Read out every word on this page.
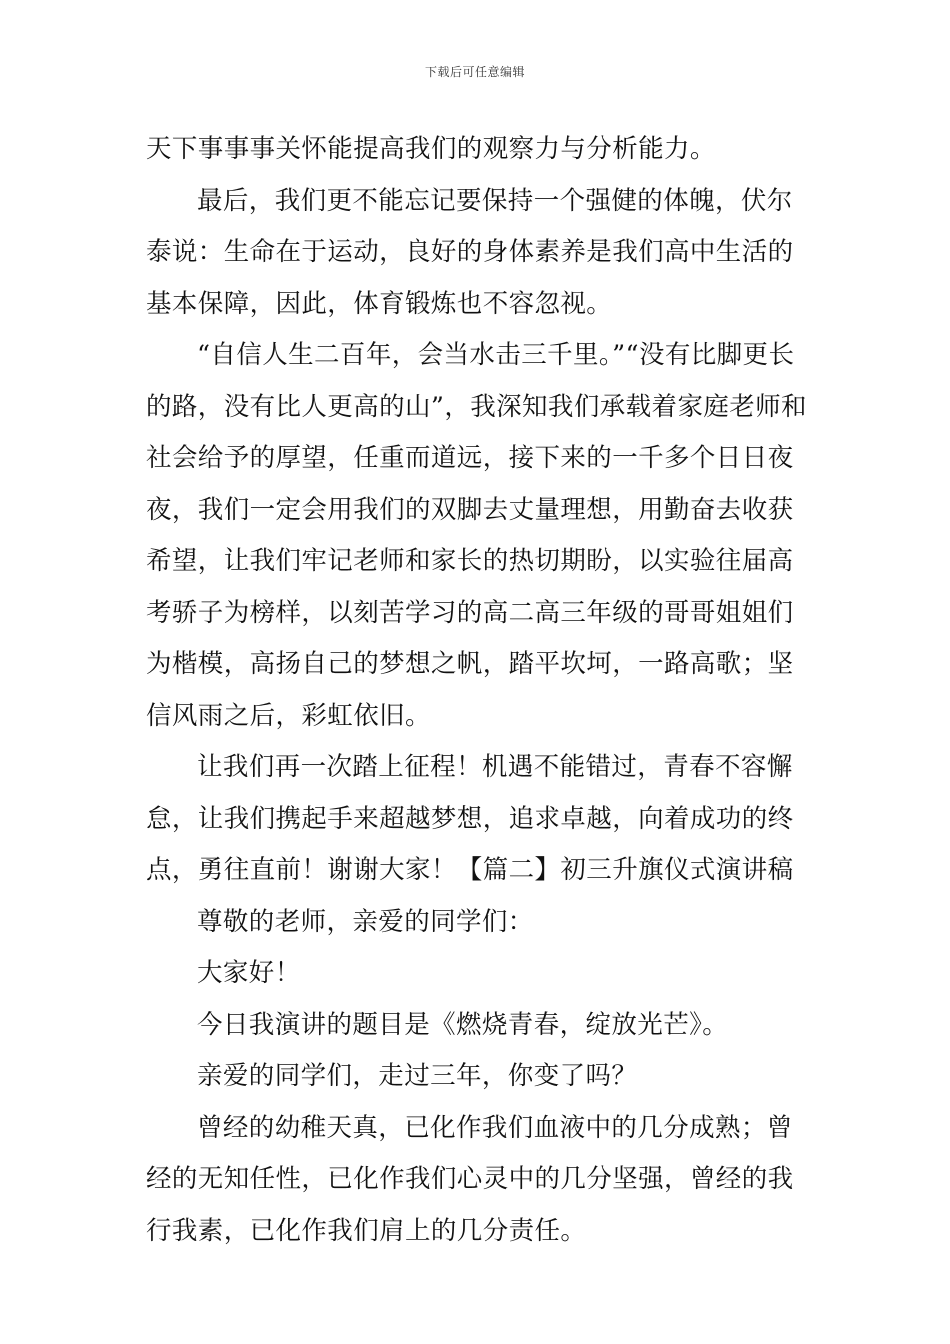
下载后可任意编辑

天下事事事关怀能提高我们的观察力与分析能力。

最后，我们更不能忘记要保持一个强健的体魄，伏尔泰说：生命在于运动，良好的身体素养是我们高中生活的基本保障，因此，体育锻炼也不容忽视。

“自信人生二百年，会当水击三千里。”“没有比脚更长的路，没有比人更高的山”，我深知我们承载着家庭老师和社会给予的厚望，任重而道远，接下来的一千多个日日夜夜，我们一定会用我们的双脚去丈量理想，用勤奋去收获希望，让我们牢记老师和家长的热切期盼，以实验往届高考骄子为榜样，以刻苦学习的高二高三年级的哥哥姐姐们为楷模，高扬自己的梦想之帆，踏平坎坷，一路高歌；坚信风雨之后，彩虹依旧。

让我们再一次踏上征程！机遇不能错过，青春不容懈怠，让我们携起手来超越梦想，追求卓越，向着成功的终点，勇往直前！谢谢大家！【篇二】初三升旗仪式演讲稿

尊敬的老师，亲爱的同学们：

大家好！

今日我演讲的题目是《燃烧青春，绽放光芒》。

亲爱的同学们，走过三年，你变了吗？

曾经的幼稚天真，已化作我们血液中的几分成熟；曾经的无知任性，已化作我们心灵中的几分坚强，曾经的我行我素，已化作我们肩上的几分责任。
